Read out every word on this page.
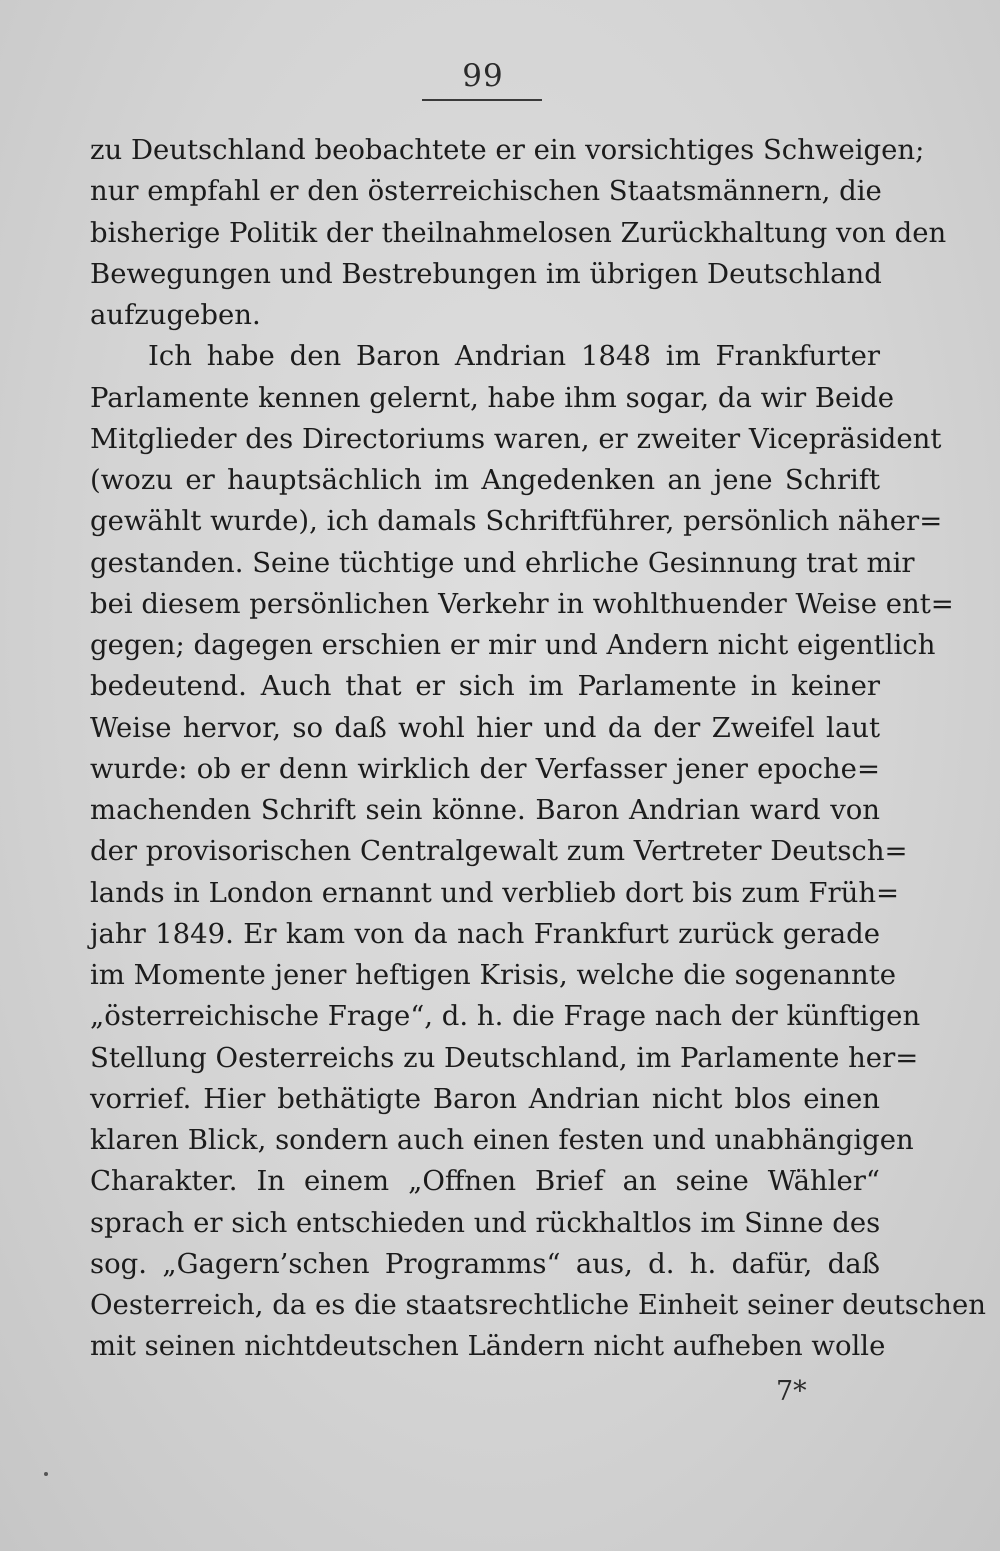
99
zu Deutschland beobachtete er ein vorsichtiges Schweigen;
nur empfahl er den österreichischen Staatsmännern, die
bisherige Politik der theilnahmelosen Zurückhaltung von den
Bewegungen und Bestrebungen im übrigen Deutschland
aufzugeben.
Ich habe den Baron Andrian 1848 im Frankfurter
Parlamente kennen gelernt, habe ihm sogar, da wir Beide
Mitglieder des Directoriums waren, er zweiter Vicepräsident
(wozu er hauptsächlich im Angedenken an jene Schrift
gewählt wurde), ich damals Schriftführer, persönlich näher=
gestanden. Seine tüchtige und ehrliche Gesinnung trat mir
bei diesem persönlichen Verkehr in wohlthuender Weise ent=
gegen; dagegen erschien er mir und Andern nicht eigentlich
bedeutend. Auch that er sich im Parlamente in keiner
Weise hervor, so daß wohl hier und da der Zweifel laut
wurde: ob er denn wirklich der Verfasser jener epoche=
machenden Schrift sein könne. Baron Andrian ward von
der provisorischen Centralgewalt zum Vertreter Deutsch=
lands in London ernannt und verblieb dort bis zum Früh=
jahr 1849. Er kam von da nach Frankfurt zurück gerade
im Momente jener heftigen Krisis, welche die sogenannte
„österreichische Frage“, d. h. die Frage nach der künftigen
Stellung Oesterreichs zu Deutschland, im Parlamente her=
vorrief. Hier bethätigte Baron Andrian nicht blos einen
klaren Blick, sondern auch einen festen und unabhängigen
Charakter. In einem „Offnen Brief an seine Wähler“
sprach er sich entschieden und rückhaltlos im Sinne des
sog. „Gagern’schen Programms“ aus, d. h. dafür, daß
Oesterreich, da es die staatsrechtliche Einheit seiner deutschen
mit seinen nichtdeutschen Ländern nicht aufheben wolle
7*
